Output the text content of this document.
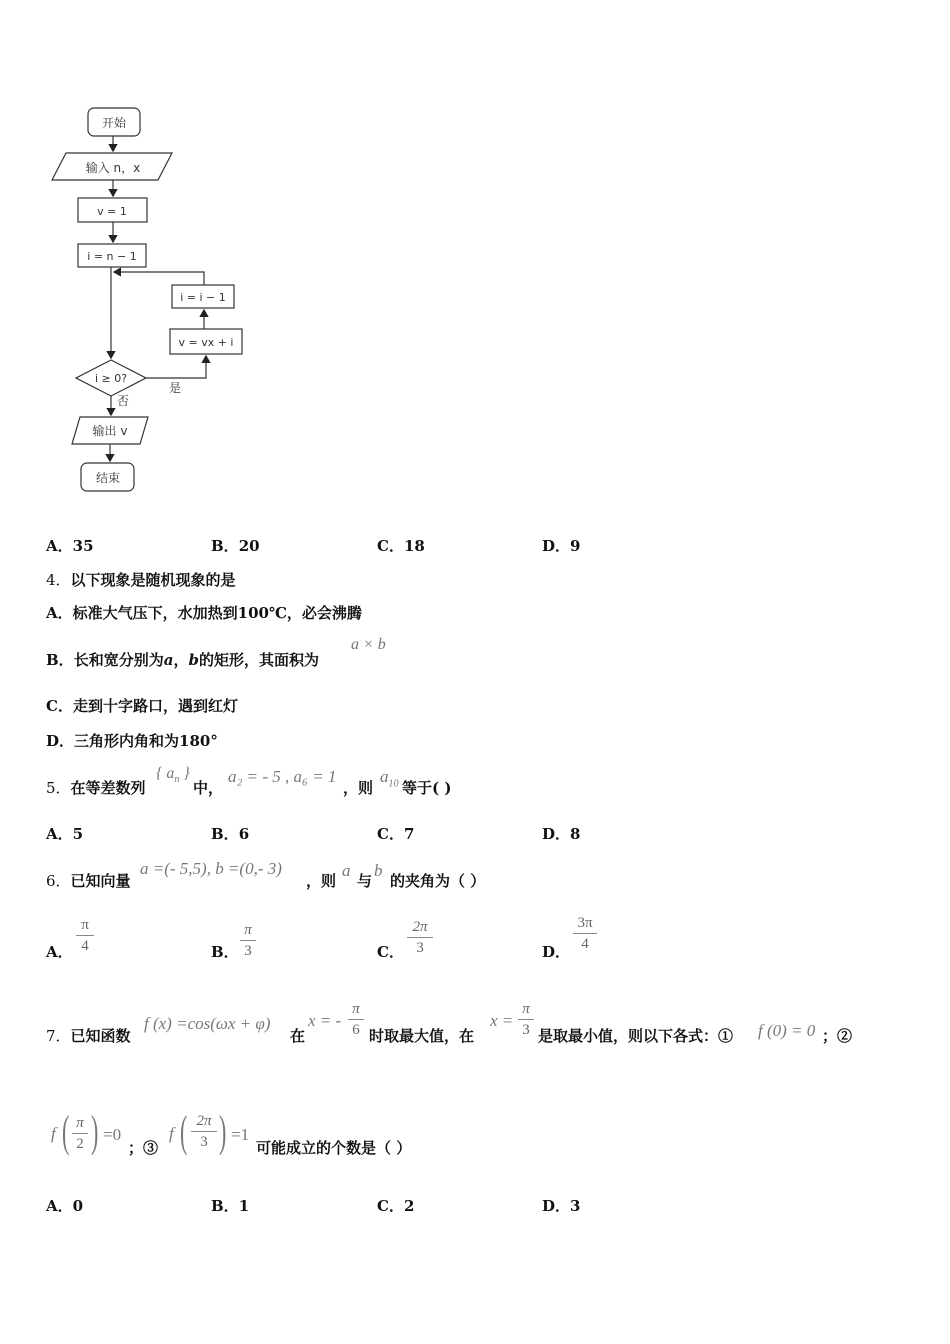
开始
输入 n，x
v = 1
i = n − 1
i = i − 1
v = vx + i
i ≥ 0?
是
否
输出 v
结束
A．35	B．20	C．18	D．9
4．以下现象是随机现象的是
A．标准大气压下，水加热到100℃，必会沸腾
B．长和宽分别为a，b的矩形，其面积为
a × b
C．走到十字路口，遇到红灯
D．三角形内角和为180°
5．在等差数列
{ $a_n$ }
中，
a₂ = - 5 , a₆ = 1
，则
$a_{10}$ 等于( )
A．5	B．6	C．7	D．8
6．已知向量
a =(- 5,5), b =(0,- 3)
，则
a
与
b
的夹角为（ ）
A．
π
4	B．
π
3	C．
2π
3	D．
3π
4
7．已知函数
f (x) =cos(ωx + φ)
在
x = -
π
6 时取最大值，在
x =
π
3 是取最小值，则以下各式：① f (0) = 0 ；②
f ( π
2 ) =0
；③
f ( 2π
3 ) =1
可能成立的个数是（ ）
A．0	B．1	C．2	D．3
